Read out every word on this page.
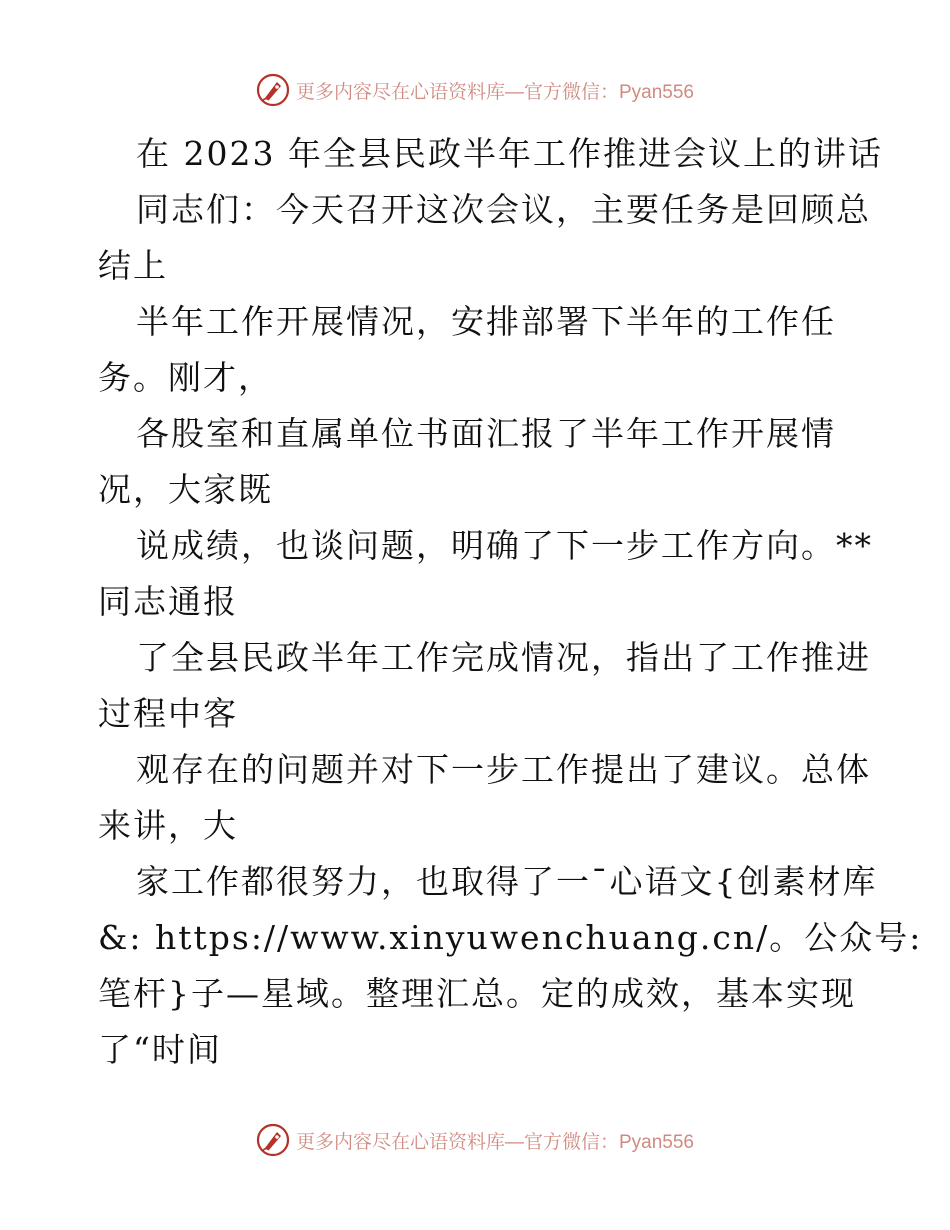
更多内容尽在心语资料库—官方微信：Pyan556
在 2023 年全县民政半年工作推进会议上的讲话
同志们：今天召开这次会议，主要任务是回顾总
结上
半年工作开展情况，安排部署下半年的工作任
务。刚才，
各股室和直属单位书面汇报了半年工作开展情
况，大家既
说成绩，也谈问题，明确了下一步工作方向。**
同志通报
了全县民政半年工作完成情况，指出了工作推进
过程中客
观存在的问题并对下一步工作提出了建议。总体
来讲，大
家工作都很努力，也取得了一¯心语文{创素材库
&: https://www.xinyuwenchuang.cn/。公众号:
笔杆}子—星域。整理汇总。定的成效，基本实现
了“时间
更多内容尽在心语资料库—官方微信：Pyan556
